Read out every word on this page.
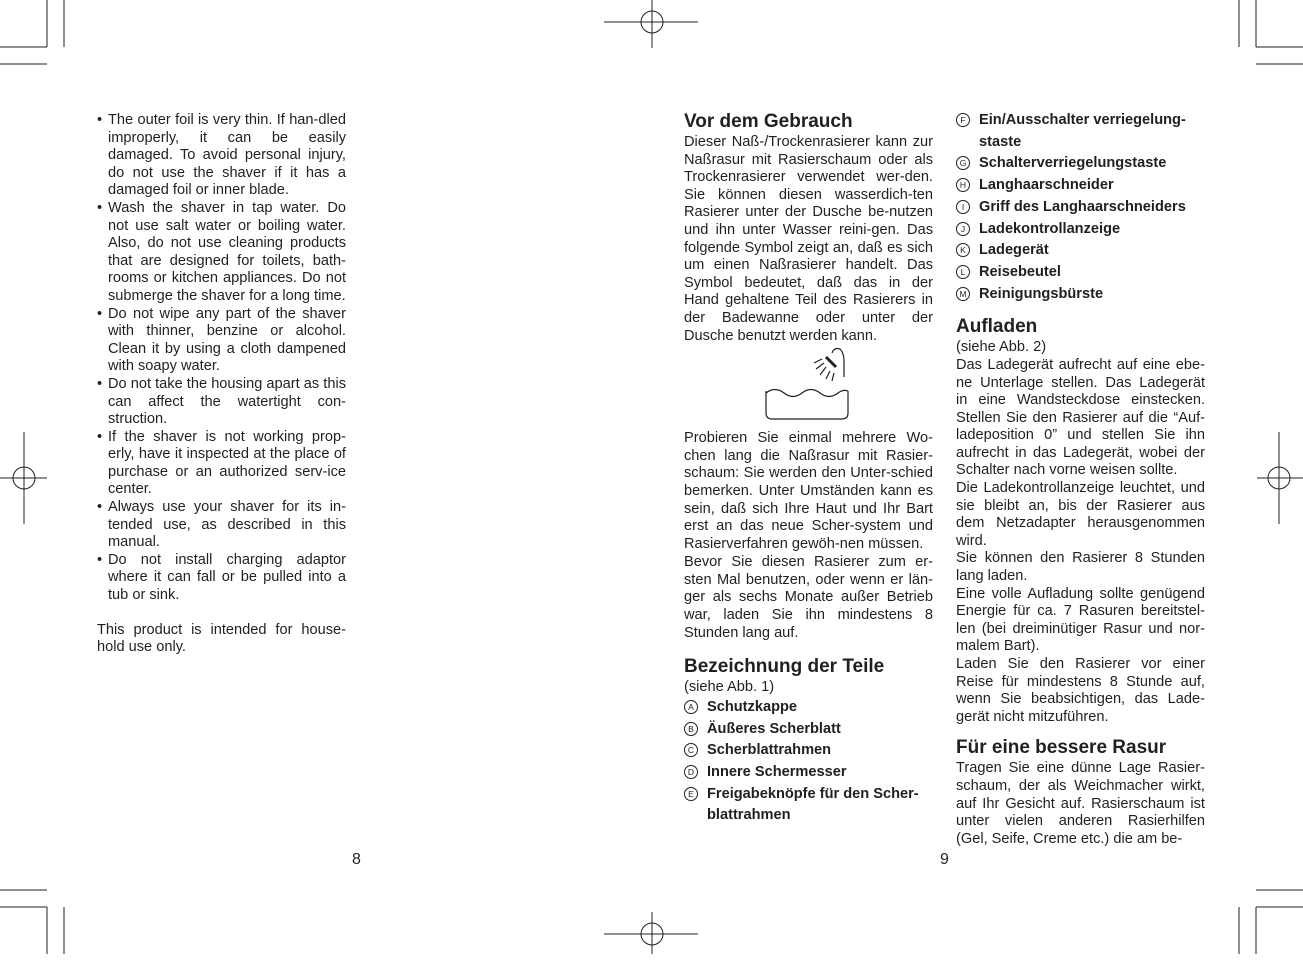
• The outer foil is very thin. If han-dled improperly, it can be easily damaged. To avoid personal injury, do not use the shaver if it has a damaged foil or inner blade.

• Wash the shaver in tap water. Do not use salt water or boiling water. Also, do not use cleaning products that are designed for toilets, bath-rooms or kitchen appliances. Do not submerge the shaver for a long time.

• Do not wipe any part of the shaver with thinner, benzine or alcohol. Clean it by using a cloth dampened with soapy water.

• Do not take the housing apart as this can affect the watertight con-struction.

• If the shaver is not working prop-erly, have it inspected at the place of purchase or an authorized serv-ice center.

• Always use your shaver for its in-tended use, as described in this manual.

• Do not install charging adaptor where it can fall or be pulled into a tub or sink.

This product is intended for house-hold use only.

8
Vor dem Gebrauch

Dieser Naß-/Trockenrasierer kann zur Naßrasur mit Rasierschaum oder als Trockenrasierer verwendet wer-den. Sie können diesen wasserdich-ten Rasierer unter der Dusche be-nutzen und ihn unter Wasser reini-gen. Das folgende Symbol zeigt an, daß es sich um einen Naßrasierer handelt. Das Symbol bedeutet, daß das in der Hand gehaltene Teil des Rasierers in der Badewanne oder unter der Dusche benutzt werden kann.

Probieren Sie einmal mehrere Wo-chen lang die Naßrasur mit Rasier-schaum: Sie werden den Unter-schied bemerken. Unter Umständen kann es sein, daß sich Ihre Haut und Ihr Bart erst an das neue Scher-system und Rasierverfahren gewöh-nen müssen.

Bevor Sie diesen Rasierer zum er-sten Mal benutzen, oder wenn er län-ger als sechs Monate außer Betrieb war, laden Sie ihn mindestens 8 Stunden lang auf.

Bezeichnung der Teile

(siehe Abb. 1)

A Schutzkappe
B Äußeres Scherblatt
C Scherblattrahmen
D Innere Schermesser
E Freigabeknöpfe für den Scher-blattrahmen
9
F Ein/Ausschalter verriegelung-staste
G Schalterverriegelungstaste
H Langhaarschneider
I	Griff des Langhaarschneiders
J Ladekontrollanzeige
K Ladegerät
L Reisebeutel
M Reinigungsbürste
Aufladen

(siehe Abb. 2)

Das Ladegerät aufrecht auf eine ebe-ne Unterlage stellen. Das Ladegerät in eine Wandsteckdose einstecken. Stellen Sie den Rasierer auf die “Auf-ladeposition 0” und stellen Sie ihn aufrecht in das Ladegerät, wobei der Schalter nach vorne weisen sollte.

Die Ladekontrollanzeige leuchtet, und sie bleibt an, bis der Rasierer aus dem Netzadapter herausgenommen wird.

Sie können den Rasierer 8 Stunden lang laden.

Eine volle Aufladung sollte genügend Energie für ca. 7 Rasuren bereitstel-len (bei dreiminütiger Rasur und nor-malem Bart).

Laden Sie den Rasierer vor einer Reise für mindestens 8 Stunde auf, wenn Sie beabsichtigen, das Lade-gerät nicht mitzuführen.

Für eine bessere Rasur

Tragen Sie eine dünne Lage Rasier-schaum, der als Weichmacher wirkt, auf Ihr Gesicht auf. Rasierschaum ist unter vielen anderen Rasierhilfen (Gel, Seife, Creme etc.) die am be-
